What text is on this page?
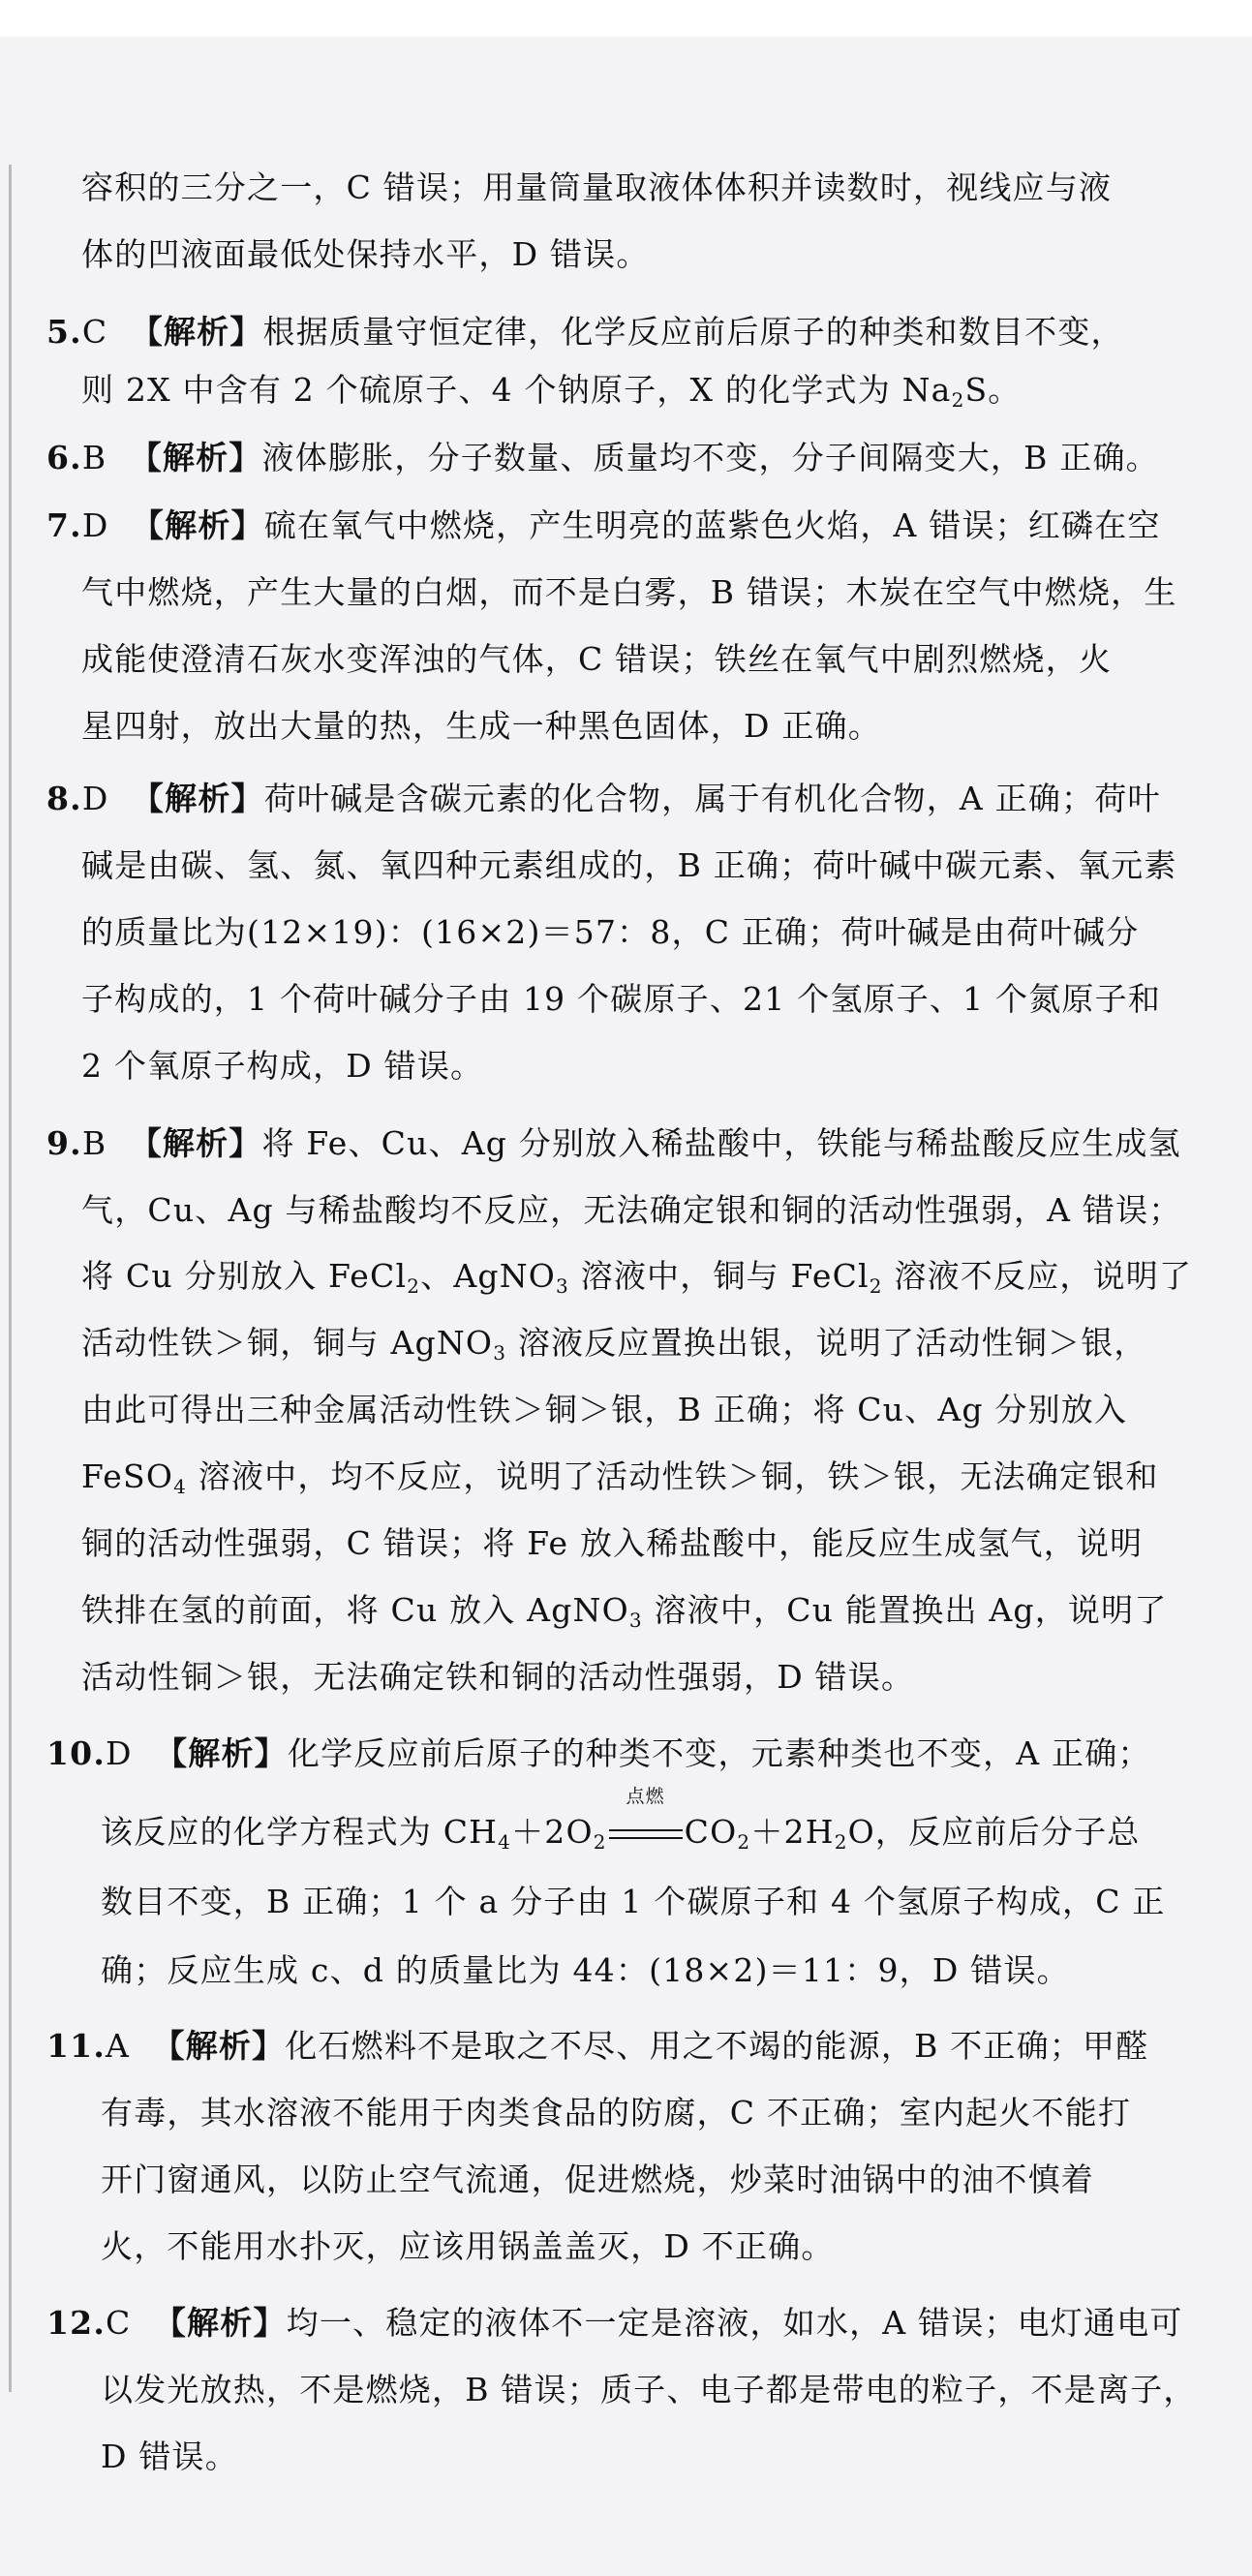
容积的三分之一，C 错误；用量筒量取液体体积并读数时，视线应与液
体的凹液面最低处保持水平，D 错误。
5.C 【解析】根据质量守恒定律，化学反应前后原子的种类和数目不变，
则 2X 中含有 2 个硫原子、4 个钠原子，X 的化学式为 $Na_2S$。
6.B 【解析】液体膨胀，分子数量、质量均不变，分子间隔变大，B 正确。
7.D 【解析】硫在氧气中燃烧，产生明亮的蓝紫色火焰，A 错误；红磷在空
气中燃烧，产生大量的白烟，而不是白雾，B 错误；木炭在空气中燃烧，生
成能使澄清石灰水变浑浊的气体，C 错误；铁丝在氧气中剧烈燃烧，火
星四射，放出大量的热，生成一种黑色固体，D 正确。
8.D 【解析】荷叶碱是含碳元素的化合物，属于有机化合物，A 正确；荷叶
碱是由碳、氢、氮、氧四种元素组成的，B 正确；荷叶碱中碳元素、氧元素
的质量比为(12×19)：(16×2)＝57：8，C 正确；荷叶碱是由荷叶碱分
子构成的，1 个荷叶碱分子由 19 个碳原子、21 个氢原子、1 个氮原子和
2 个氧原子构成，D 错误。
9.B 【解析】将 Fe、Cu、Ag 分别放入稀盐酸中，铁能与稀盐酸反应生成氢
气，Cu、Ag 与稀盐酸均不反应，无法确定银和铜的活动性强弱，A 错误；
将 Cu 分别放入 FeCl$_2$、AgNO$_3$ 溶液中，铜与 FeCl$_2$ 溶液不反应，说明了
活动性铁＞铜，铜与 AgNO$_3$ 溶液反应置换出银，说明了活动性铜＞银，
由此可得出三种金属活动性铁＞铜＞银，B 正确；将 Cu、Ag 分别放入
FeSO$_4$ 溶液中，均不反应，说明了活动性铁＞铜，铁＞银，无法确定银和
铜的活动性强弱，C 错误；将 Fe 放入稀盐酸中，能反应生成氢气，说明
铁排在氢的前面，将 Cu 放入 AgNO$_3$ 溶液中，Cu 能置换出 Ag，说明了
活动性铜＞银，无法确定铁和铜的活动性强弱，D 错误。
10.D 【解析】化学反应前后原子的种类不变，元素种类也不变，A 正确；
该反应的化学方程式为 $CH_4+2O_2$
点燃
$CO_2+2H_2O$，反应前后分子总
数目不变，B 正确；1 个 a 分子由 1 个碳原子和 4 个氢原子构成，C 正
确；反应生成 c、d 的质量比为 44：(18×2)＝11：9，D 错误。
11.A 【解析】化石燃料不是取之不尽、用之不竭的能源，B 不正确；甲醛
有毒，其水溶液不能用于肉类食品的防腐，C 不正确；室内起火不能打
开门窗通风，以防止空气流通，促进燃烧，炒菜时油锅中的油不慎着
火，不能用水扑灭，应该用锅盖盖灭，D 不正确。
12.C 【解析】均一、稳定的液体不一定是溶液，如水，A 错误；电灯通电可
以发光放热，不是燃烧，B 错误；质子、电子都是带电的粒子，不是离子，
D 错误。
